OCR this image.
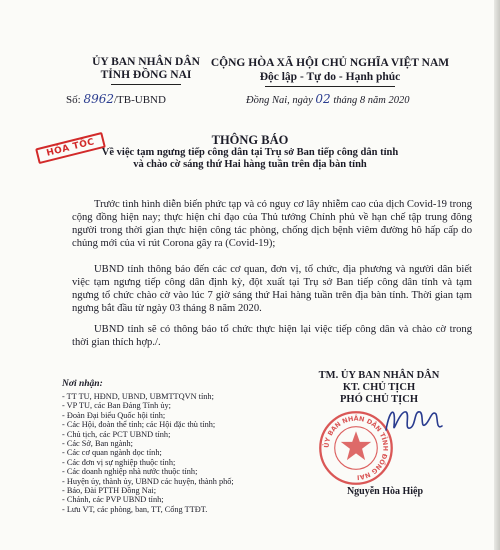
ỦY BAN NHÂN DÂN
TỈNH ĐỒNG NAI
Số: 8962/TB-UBND
CỘNG HÒA XÃ HỘI CHỦ NGHĨA VIỆT NAM
Độc lập - Tự do - Hạnh phúc
Đồng Nai, ngày 02 tháng 8 năm 2020
HỎA TỐC	THÔNG BÁO
Về việc tạm ngưng tiếp công dân tại Trụ sở Ban tiếp công dân tỉnh
và chào cờ sáng thứ Hai hàng tuần trên địa bàn tỉnh
Trước tình hình diễn biến phức tạp và có nguy cơ lây nhiễm cao của dịch Covid-19 trong cộng đồng hiện nay; thực hiện chỉ đạo của Thủ tướng Chính phủ về hạn chế tập trung đông người trong thời gian thực hiện công tác phòng, chống dịch bệnh viêm đường hô hấp cấp do chủng mới của vi rút Corona gây ra (Covid-19);
UBND tỉnh thông báo đến các cơ quan, đơn vị, tổ chức, địa phương và người dân biết việc tạm ngưng tiếp công dân định kỳ, đột xuất tại Trụ sở Ban tiếp công dân tỉnh và tạm ngưng tổ chức chào cờ vào lúc 7 giờ sáng thứ Hai hàng tuần trên địa bàn tỉnh. Thời gian tạm ngưng bắt đầu từ ngày 03 tháng 8 năm 2020.
UBND tỉnh sẽ có thông báo tổ chức thực hiện lại việc tiếp công dân và chào cờ trong thời gian thích hợp./.
Nơi nhận:
- TT TU, HĐND, UBND, UBMTTQVN tỉnh;
- VP TU, các Ban Đảng Tỉnh ủy;
- Đoàn Đại biểu Quốc hội tỉnh;
- Các Hội, đoàn thể tỉnh; các Hội đặc thù tỉnh;
- Chủ tịch, các PCT UBND tỉnh;
- Các Sở, Ban ngành;
- Các cơ quan ngành dọc tỉnh;
- Các đơn vị sự nghiệp thuộc tỉnh;
- Các doanh nghiệp nhà nước thuộc tỉnh;
- Huyện ủy, thành ủy, UBND các huyện, thành phố;
- Báo, Đài PTTH Đồng Nai;
- Chánh, các PVP UBND tỉnh;
- Lưu VT, các phòng, ban, TT, Cổng TTĐT.
TM. ỦY BAN NHÂN DÂN
KT. CHỦ TỊCH
PHÓ CHỦ TỊCH
ỦY BAN NHÂN DÂN TỈNH ĐỒNG NAI
Nguyễn Hòa Hiệp
